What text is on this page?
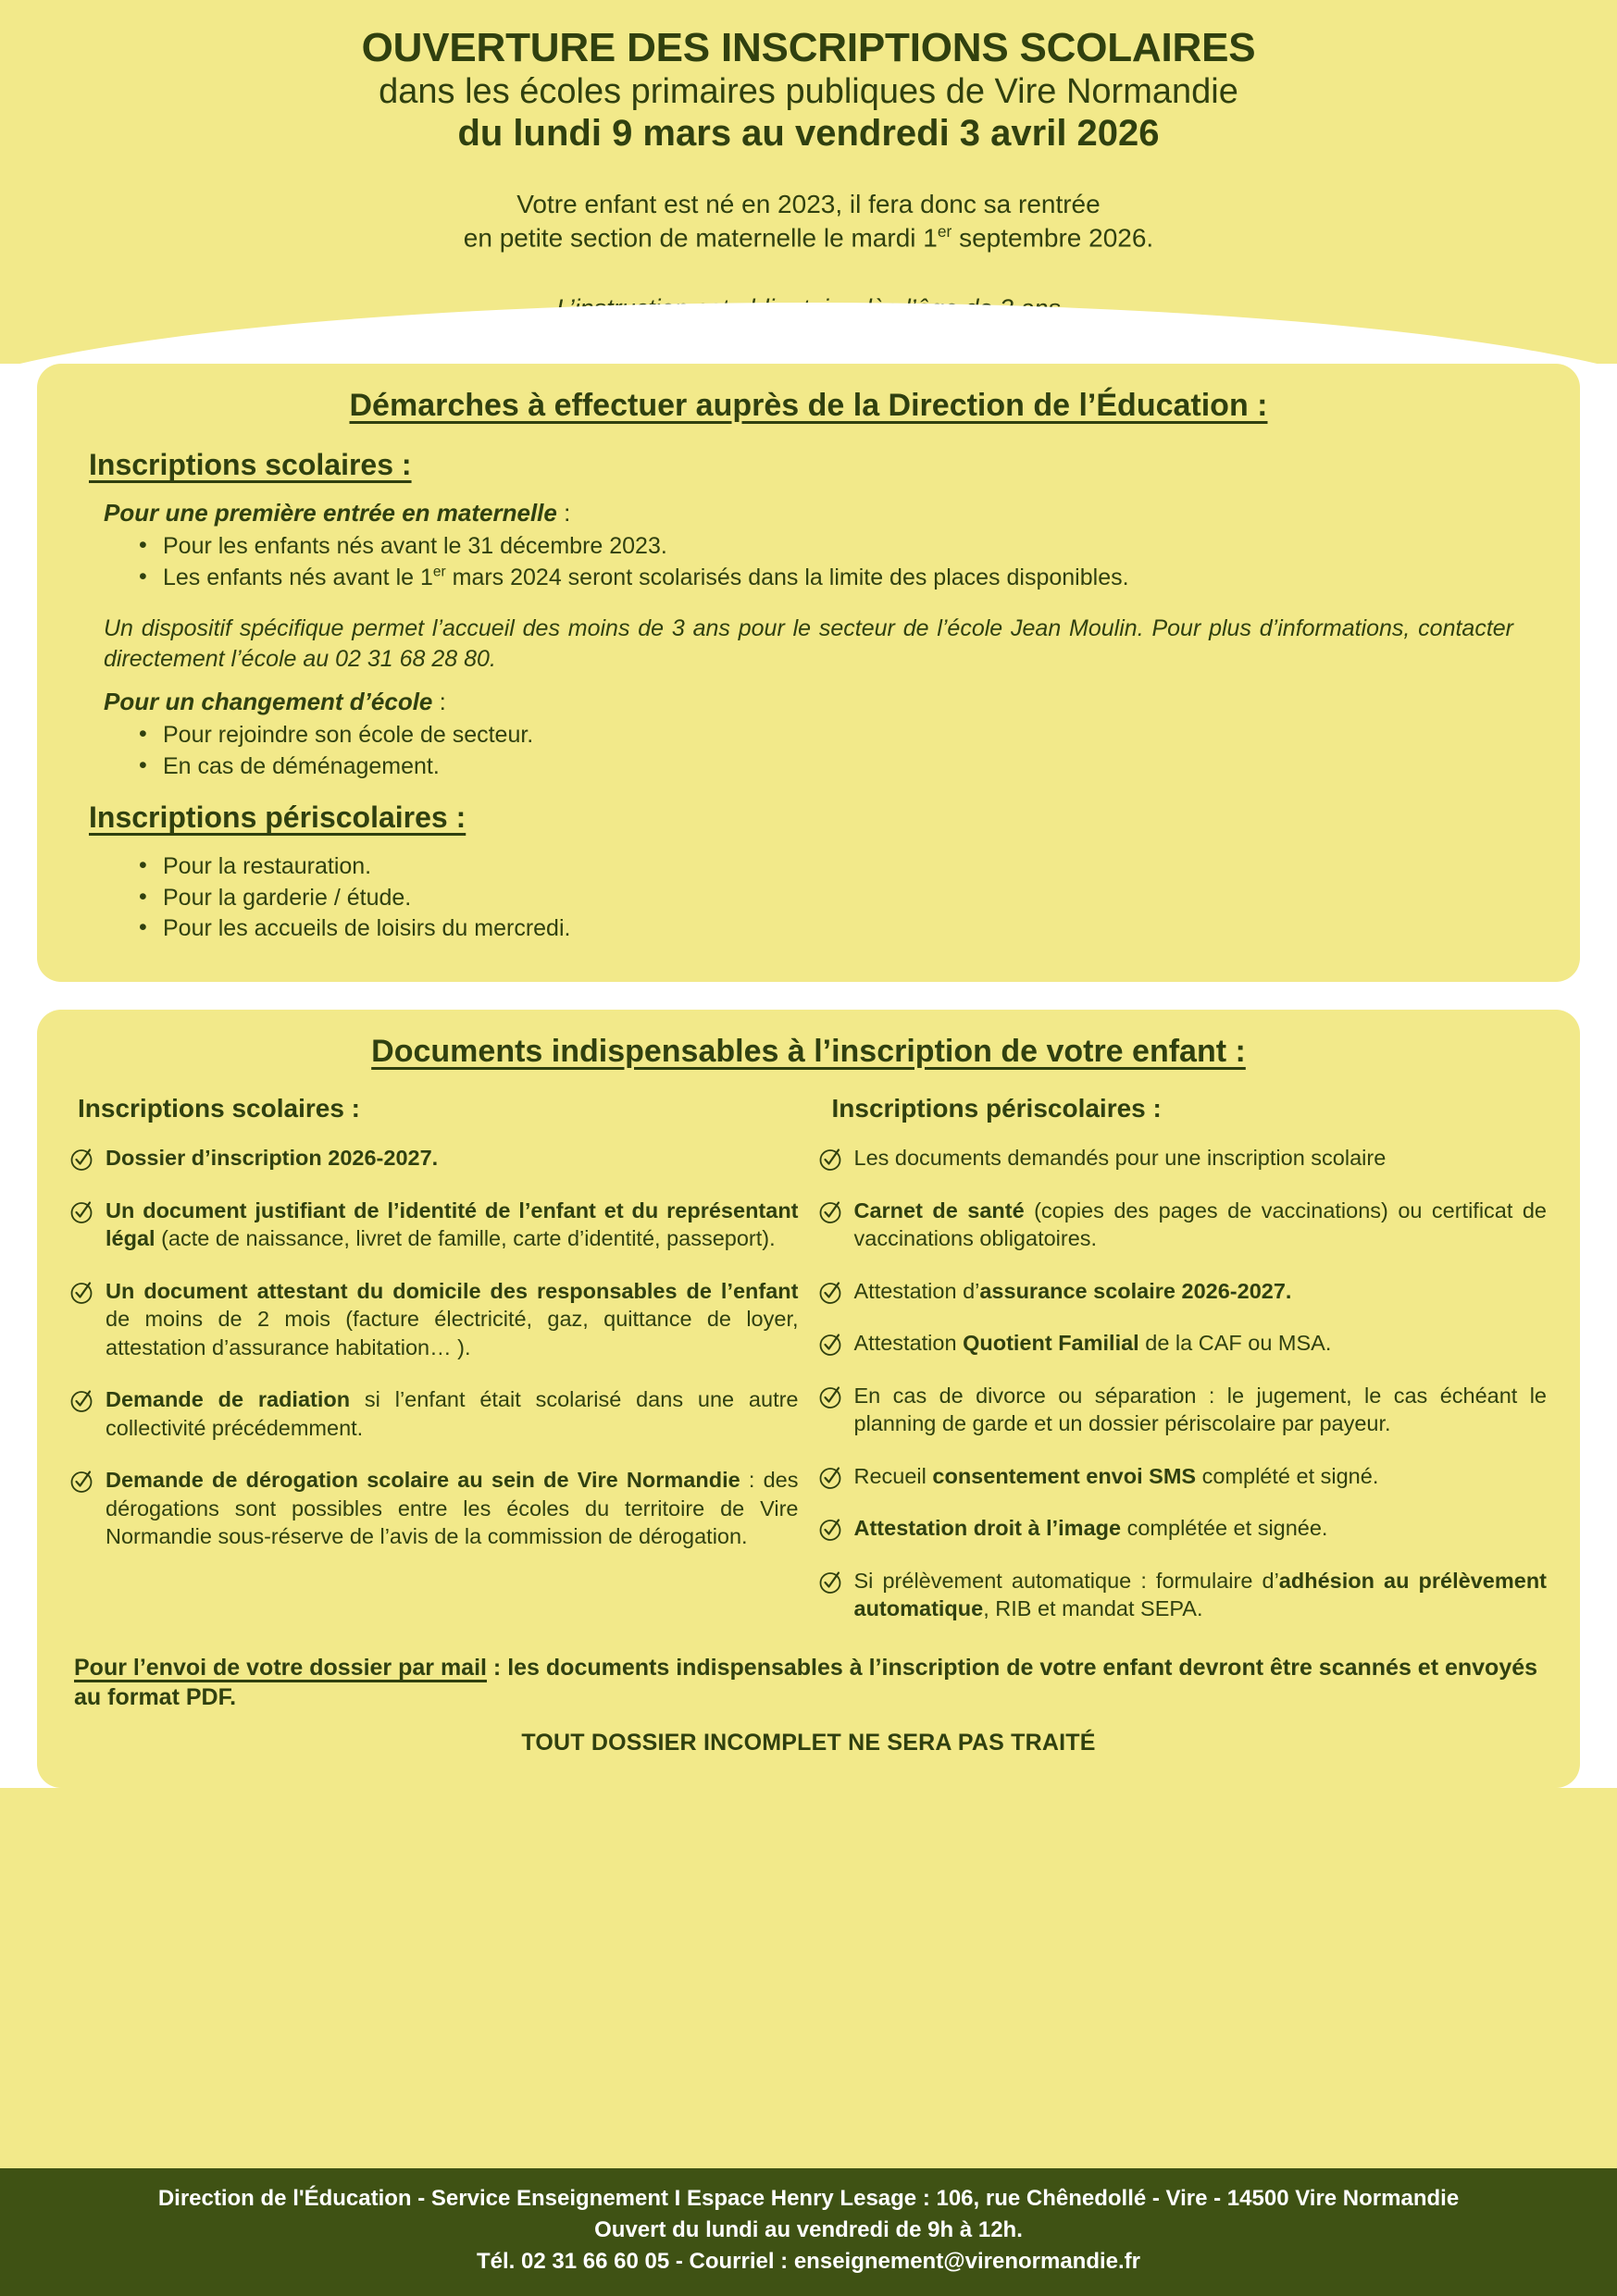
OUVERTURE DES INSCRIPTIONS SCOLAIRES
dans les écoles primaires publiques de Vire Normandie
du lundi 9 mars au vendredi 3 avril 2026
Votre enfant est né en 2023, il fera donc sa rentrée
en petite section de maternelle le mardi 1er septembre 2026.
Démarches à effectuer auprès de la Direction de l’Éducation :
Inscriptions scolaires :
Pour une première entrée en maternelle :
• Pour les enfants nés avant le 31 décembre 2023.
• Les enfants nés avant le 1er mars 2024 seront scolarisés dans la limite des places disponibles.
Un dispositif spécifique permet l’accueil des moins de 3 ans pour le secteur de l’école Jean Moulin. Pour plus d’informations, contacter directement l’école au 02 31 68 28 80.
Pour un changement d’école :
• Pour rejoindre son école de secteur.
• En cas de déménagement.
Inscriptions périscolaires :
• Pour la restauration.
• Pour la garderie / étude.
• Pour les accueils de loisirs du mercredi.
Documents indispensables à l’inscription de votre enfant :
Inscriptions scolaires :
Dossier d’inscription 2026-2027.
Un document justifiant de l’identité de l’enfant et du représentant légal (acte de naissance, livret de famille, carte d’identité, passeport).
Un document attestant du domicile des responsables de l’enfant de moins de 2 mois (facture électricité, gaz, quittance de loyer, attestation d’assurance habitation… ).
Demande de radiation si l’enfant était scolarisé dans une autre collectivité précédemment.
Demande de dérogation scolaire au sein de Vire Normandie : des dérogations sont possibles entre les écoles du territoire de Vire Normandie sous-réserve de l’avis de la commission de dérogation.
Inscriptions périscolaires :
Les documents demandés pour une inscription scolaire
Carnet de santé (copies des pages de vaccinations) ou certificat de vaccinations obligatoires.
Attestation d’assurance scolaire 2026-2027.
Attestation Quotient Familial de la CAF ou MSA.
En cas de divorce ou séparation : le jugement, le cas échéant le planning de garde et un dossier périscolaire par payeur.
Recueil consentement envoi SMS complété et signé.
Attestation droit à l’image complétée et signée.
Si prélèvement automatique : formulaire d’adhésion au prélèvement automatique, RIB et mandat SEPA.
Pour l’envoi de votre dossier par mail : les documents indispensables à l’inscription de votre enfant devront être scannés et envoyés au format PDF.
TOUT DOSSIER INCOMPLET NE SERA PAS TRAITÉ
Direction de l'Éducation - Service Enseignement I Espace Henry Lesage : 106, rue Chênedollé - Vire - 14500 Vire Normandie
Ouvert du lundi au vendredi de 9h à 12h.
Tél. 02 31 66 60 05 - Courriel : enseignement@virenormandie.fr
